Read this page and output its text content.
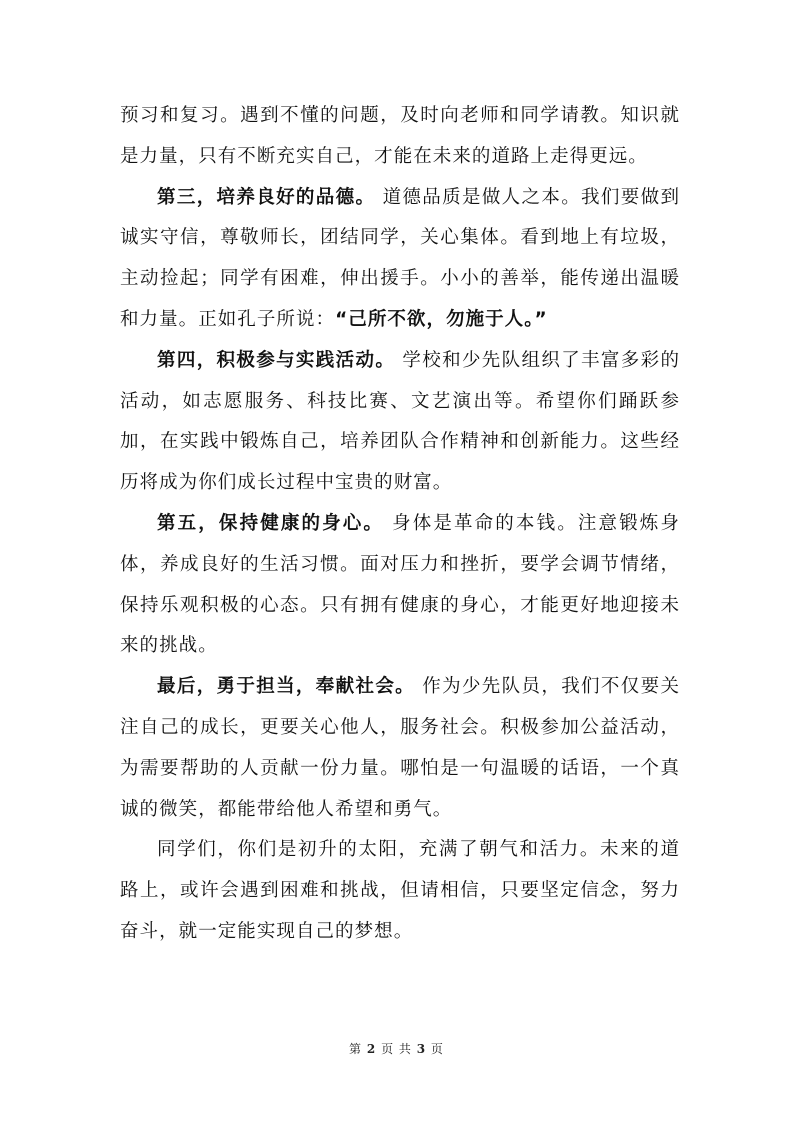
预习和复习。遇到不懂的问题，及时向老师和同学请教。知识就是力量，只有不断充实自己，才能在未来的道路上走得更远。

第三，培养良好的品德。 道德品质是做人之本。我们要做到诚实守信，尊敬师长，团结同学，关心集体。看到地上有垃圾，主动捡起；同学有困难，伸出援手。小小的善举，能传递出温暖和力量。正如孔子所说：“己所不欲，勿施于人。”

第四，积极参与实践活动。 学校和少先队组织了丰富多彩的活动，如志愿服务、科技比赛、文艺演出等。希望你们踊跃参加，在实践中锻炼自己，培养团队合作精神和创新能力。这些经历将成为你们成长过程中宝贵的财富。

第五，保持健康的身心。 身体是革命的本钱。注意锻炼身体，养成良好的生活习惯。面对压力和挫折，要学会调节情绪，保持乐观积极的心态。只有拥有健康的身心，才能更好地迎接未来的挑战。

最后，勇于担当，奉献社会。 作为少先队员，我们不仅要关注自己的成长，更要关心他人，服务社会。积极参加公益活动，为需要帮助的人贡献一份力量。哪怕是一句温暖的话语，一个真诚的微笑，都能带给他人希望和勇气。

同学们，你们是初升的太阳，充满了朝气和活力。未来的道路上，或许会遇到困难和挑战，但请相信，只要坚定信念，努力奋斗，就一定能实现自己的梦想。

第 2 页 共 3 页
